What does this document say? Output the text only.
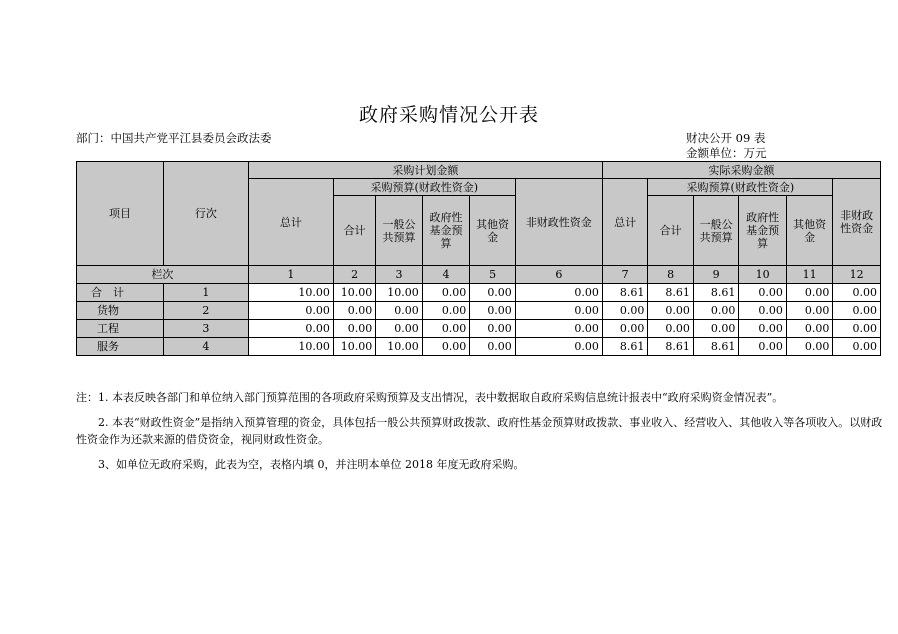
政府采购情况公开表
部门：中国共产党平江县委员会政法委	财决公开 09 表
金额单位：万元
项目	行次	采购计划金额						实际采购金额					
		总计	采购预算(财政性资金)				非财政性资金	总计	采购预算(财政性资金)				非财政性资金
			合计	一般公共预算	政府性基金预算	其他资金			合计	一般公共预算	政府性基金预算	其他资金	
栏次		1	2	3	4	5	6	7	8	9	10	11	12
合　计	1	10.00	10.00	10.00	0.00	0.00	0.00	8.61	8.61	8.61	0.00	0.00	0.00
货物	2	0.00	0.00	0.00	0.00	0.00	0.00	0.00	0.00	0.00	0.00	0.00	0.00
工程	3	0.00	0.00	0.00	0.00	0.00	0.00	0.00	0.00	0.00	0.00	0.00	0.00
服务	4	10.00	10.00	10.00	0.00	0.00	0.00	8.61	8.61	8.61	0.00	0.00	0.00
注：1. 本表反映各部门和单位纳入部门预算范围的各项政府采购预算及支出情况，表中数据取自政府采购信息统计报表中“政府采购资金情况表”。
2. 本表“财政性资金”是指纳入预算管理的资金，具体包括一般公共预算财政拨款、政府性基金预算财政拨款、事业收入、经营收入、其他收入等各项收入。以财政性资金作为还款来源的借贷资金，视同财政性资金。
3、如单位无政府采购，此表为空，表格内填 0，并注明本单位 2018 年度无政府采购。
